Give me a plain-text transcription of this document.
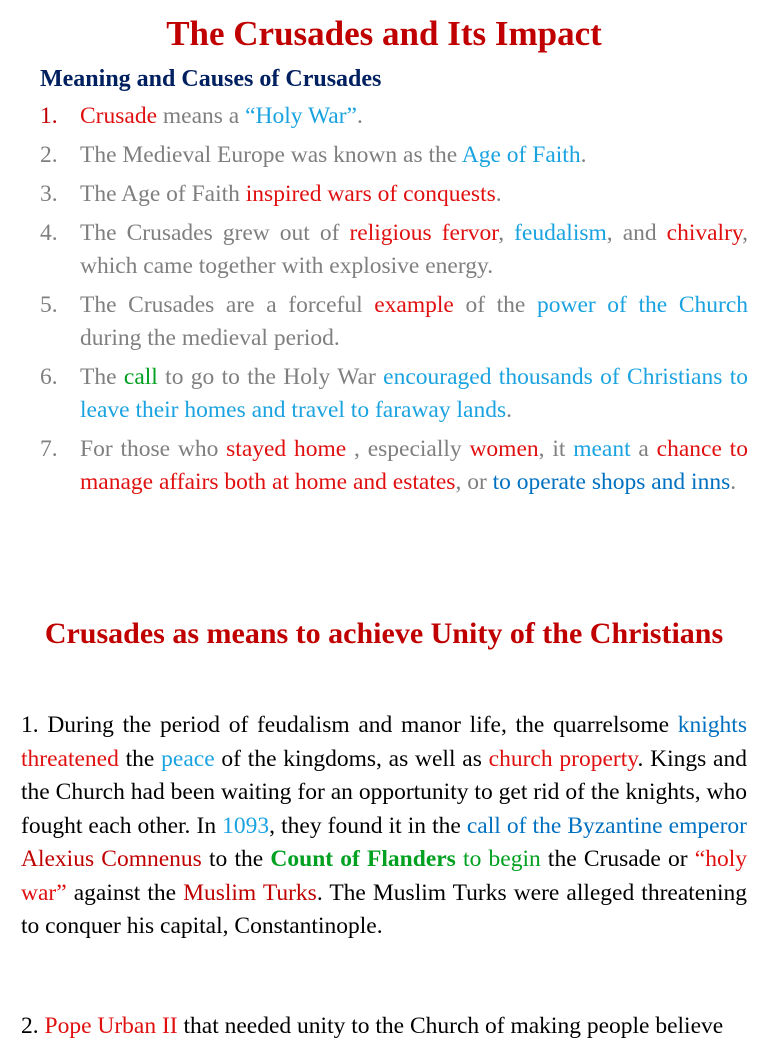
The Crusades and Its Impact
Meaning and Causes of Crusades
1. Crusade means a “Holy War”.
2. The Medieval Europe was known as the Age of Faith.
3. The Age of Faith inspired wars of conquests.
4. The Crusades grew out of religious fervor, feudalism, and chivalry, which came together with explosive energy.
5. The Crusades are a forceful example of the power of the Church during the medieval period.
6. The call to go to the Holy War encouraged thousands of Christians to leave their homes and travel to faraway lands.
7. For those who stayed home , especially women, it meant a chance to manage affairs both at home and estates, or to operate shops and inns.
Crusades as means to achieve Unity of the Christians

1. During the period of feudalism and manor life, the quarrelsome knights threatened the peace of the kingdoms, as well as church property. Kings and the Church had been waiting for an opportunity to get rid of the knights, who fought each other. In 1093, they found it in the call of the Byzantine emperor Alexius Comnenus to the Count of Flanders to begin the Crusade or “holy war” against the Muslim Turks. The Muslim Turks were alleged threatening to conquer his capital, Constantinople.

2. Pope Urban II that needed unity to the Church of making people believe
